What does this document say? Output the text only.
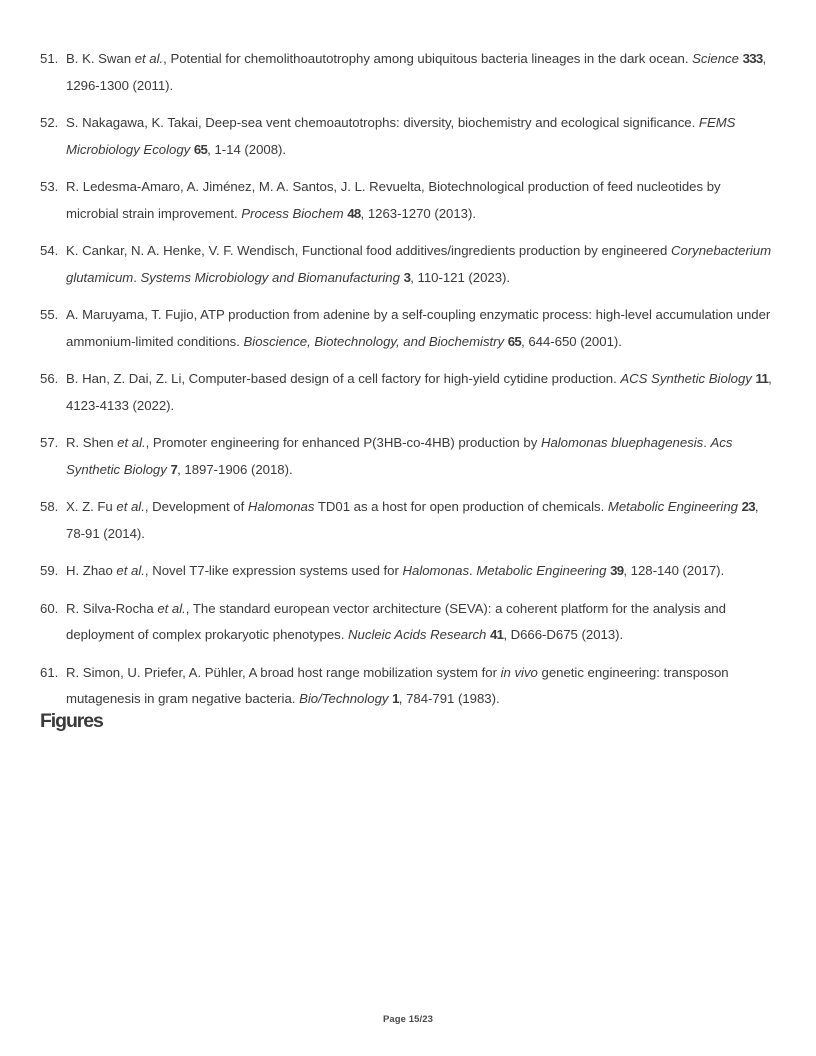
51. B. K. Swan et al., Potential for chemolithoautotrophy among ubiquitous bacteria lineages in the dark ocean. Science 333, 1296-1300 (2011).
52. S. Nakagawa, K. Takai, Deep-sea vent chemoautotrophs: diversity, biochemistry and ecological significance. FEMS Microbiology Ecology 65, 1-14 (2008).
53. R. Ledesma-Amaro, A. Jiménez, M. A. Santos, J. L. Revuelta, Biotechnological production of feed nucleotides by microbial strain improvement. Process Biochem 48, 1263-1270 (2013).
54. K. Cankar, N. A. Henke, V. F. Wendisch, Functional food additives/ingredients production by engineered Corynebacterium glutamicum. Systems Microbiology and Biomanufacturing 3, 110-121 (2023).
55. A. Maruyama, T. Fujio, ATP production from adenine by a self-coupling enzymatic process: high-level accumulation under ammonium-limited conditions. Bioscience, Biotechnology, and Biochemistry 65, 644-650 (2001).
56. B. Han, Z. Dai, Z. Li, Computer-based design of a cell factory for high-yield cytidine production. ACS Synthetic Biology 11, 4123-4133 (2022).
57. R. Shen et al., Promoter engineering for enhanced P(3HB-co-4HB) production by Halomonas bluephagenesis. Acs Synthetic Biology 7, 1897-1906 (2018).
58. X. Z. Fu et al., Development of Halomonas TD01 as a host for open production of chemicals. Metabolic Engineering 23, 78-91 (2014).
59. H. Zhao et al., Novel T7-like expression systems used for Halomonas. Metabolic Engineering 39, 128-140 (2017).
60. R. Silva-Rocha et al., The standard european vector architecture (SEVA): a coherent platform for the analysis and deployment of complex prokaryotic phenotypes. Nucleic Acids Research 41, D666-D675 (2013).
61. R. Simon, U. Priefer, A. Pühler, A broad host range mobilization system for in vivo genetic engineering: transposon mutagenesis in gram negative bacteria. Bio/Technology 1, 784-791 (1983).
Figures
Page 15/23
